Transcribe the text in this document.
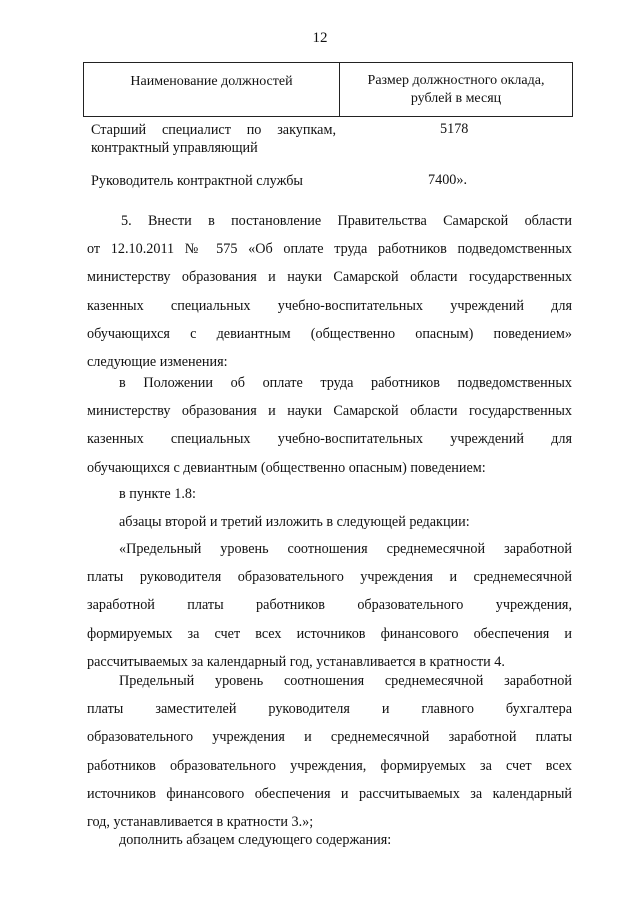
12
Наименование должностей	Размер должностного оклада,
рублей в месяц
Старший специалист по закупкам,
контрактный управляющий
5178
Руководитель контрактной службы	7400».
5. Внести в постановление Правительства Самарской области
от 12.10.2011 № 575 «Об оплате труда работников подведомственных
министерству образования и науки Самарской области государственных
казенных специальных учебно-воспитательных учреждений для
обучающихся с девиантным (общественно опасным) поведением»
следующие изменения:
в Положении об оплате труда работников подведомственных
министерству образования и науки Самарской области государственных
казенных специальных учебно-воспитательных учреждений для
обучающихся с девиантным (общественно опасным) поведением:
в пункте 1.8:
абзацы второй и третий изложить в следующей редакции:
«Предельный уровень соотношения среднемесячной заработной
платы руководителя образовательного учреждения и среднемесячной
заработной платы работников образовательного учреждения,
формируемых за счет всех источников финансового обеспечения и
рассчитываемых за календарный год, устанавливается в кратности 4.
Предельный уровень соотношения среднемесячной заработной
платы заместителей руководителя и главного бухгалтера
образовательного учреждения и среднемесячной заработной платы
работников образовательного учреждения, формируемых за счет всех
источников финансового обеспечения и рассчитываемых за календарный
год, устанавливается в кратности 3.»;
дополнить абзацем следующего содержания:
